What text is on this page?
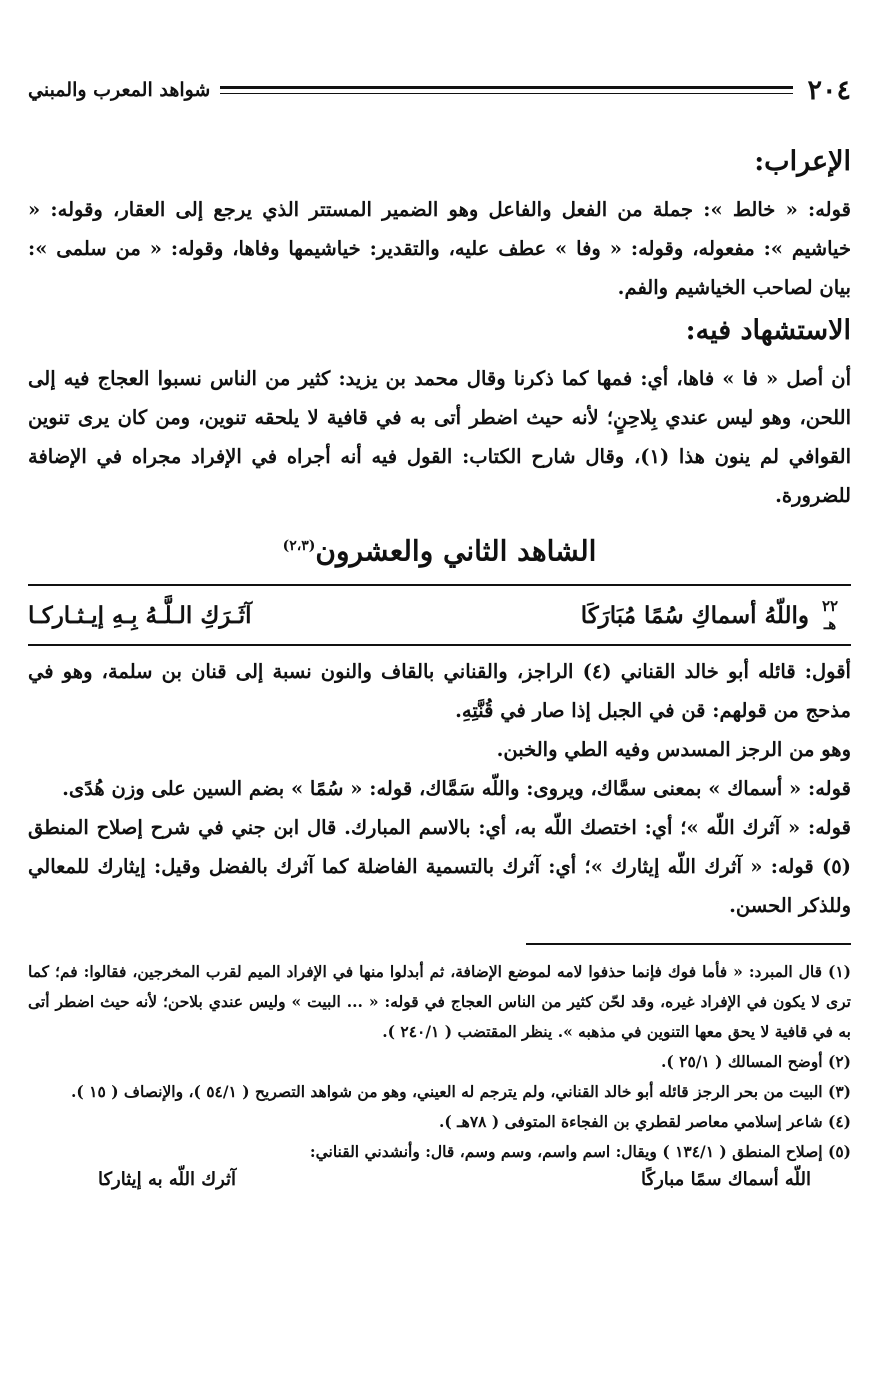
٢٠٤
شواهد المعرب والمبني
الإعراب:

قوله: « خالط »: جملة من الفعل والفاعل وهو الضمير المستتر الذي يرجع إلى العقار، وقوله: « خياشيم »: مفعوله، وقوله: « وفا » عطف عليه، والتقدير: خياشيمها وفاها، وقوله: « من سلمى »: بيان لصاحب الخياشيم والفم.

الاستشهاد فيه:

أن أصل « فا » فاها، أي: فمها كما ذكرنا وقال محمد بن يزيد: كثير من الناس نسبوا العجاج فيه إلى اللحن، وهو ليس عندي بِلاحِنٍ؛ لأنه حيث اضطر أتى به في قافية لا يلحقه تنوين، ومن كان يرى تنوين القوافي لم ينون هذا (١)، وقال شارح الكتاب: القول فيه أنه أجراه في الإفراد مجراه في الإضافة للضرورة.

الشاهد الثاني والعشرون$^{(٢،٣)}$
٢٢
هـ
واللّهُ أسماكِ سُمًا مُبَارَكَا
آثَـرَكِ الـلَّـهُ بِـهِ إيـثـاركـا

أقول: قائله أبو خالد القناني (٤) الراجز، والقناني بالقاف والنون نسبة إلى قنان بن سلمة، وهو في مذحج من قولهم: قن في الجبل إذا صار في قُنَّتِهِ.

وهو من الرجز المسدس وفيه الطي والخبن.

قوله: « أسماك » بمعنى سمَّاك، ويروى: واللّه سَمَّاك، قوله: « سُمًا » بضم السين على وزن هُدًى.

قوله: « آثرك اللّه »؛ أي: اختصك اللّه به، أي: بالاسم المبارك. قال ابن جني في شرح إصلاح المنطق (٥) قوله: « آثرك اللّه إيثارك »؛ أي: آثرك بالتسمية الفاضلة كما آثرك بالفضل وقيل: إيثارك للمعالي وللذكر الحسن.

(١) قال المبرد: « فأما فوك فإنما حذفوا لامه لموضع الإضافة، ثم أبدلوا منها في الإفراد الميم لقرب المخرجين، فقالوا: فم؛ كما ترى لا يكون في الإفراد غيره، وقد لحّن كثير من الناس العجاج في قوله: « ... البيت » وليس عندي بلاحن؛ لأنه حيث اضطر أتى به في قافية لا يحق معها التنوين في مذهبه ». ينظر المقتضب ( ٢٤٠/١ ).

(٢) أوضح المسالك ( ٢٥/١ ).

(٣) البيت من بحر الرجز قائله أبو خالد القناني، ولم يترجم له العيني، وهو من شواهد التصريح ( ٥٤/١ )، والإنصاف ( ١٥ ).

(٤) شاعر إسلامي معاصر لقطري بن الفجاءة المتوفى ( ٧٨هـ ).

(٥) إصلاح المنطق ( ١٣٤/١ ) ويقال: اسم واسم، وسم وسم، قال: وأنشدني القناني:

اللّه أسماك سمًا مباركًا
آثرك اللّه به إيثاركا
